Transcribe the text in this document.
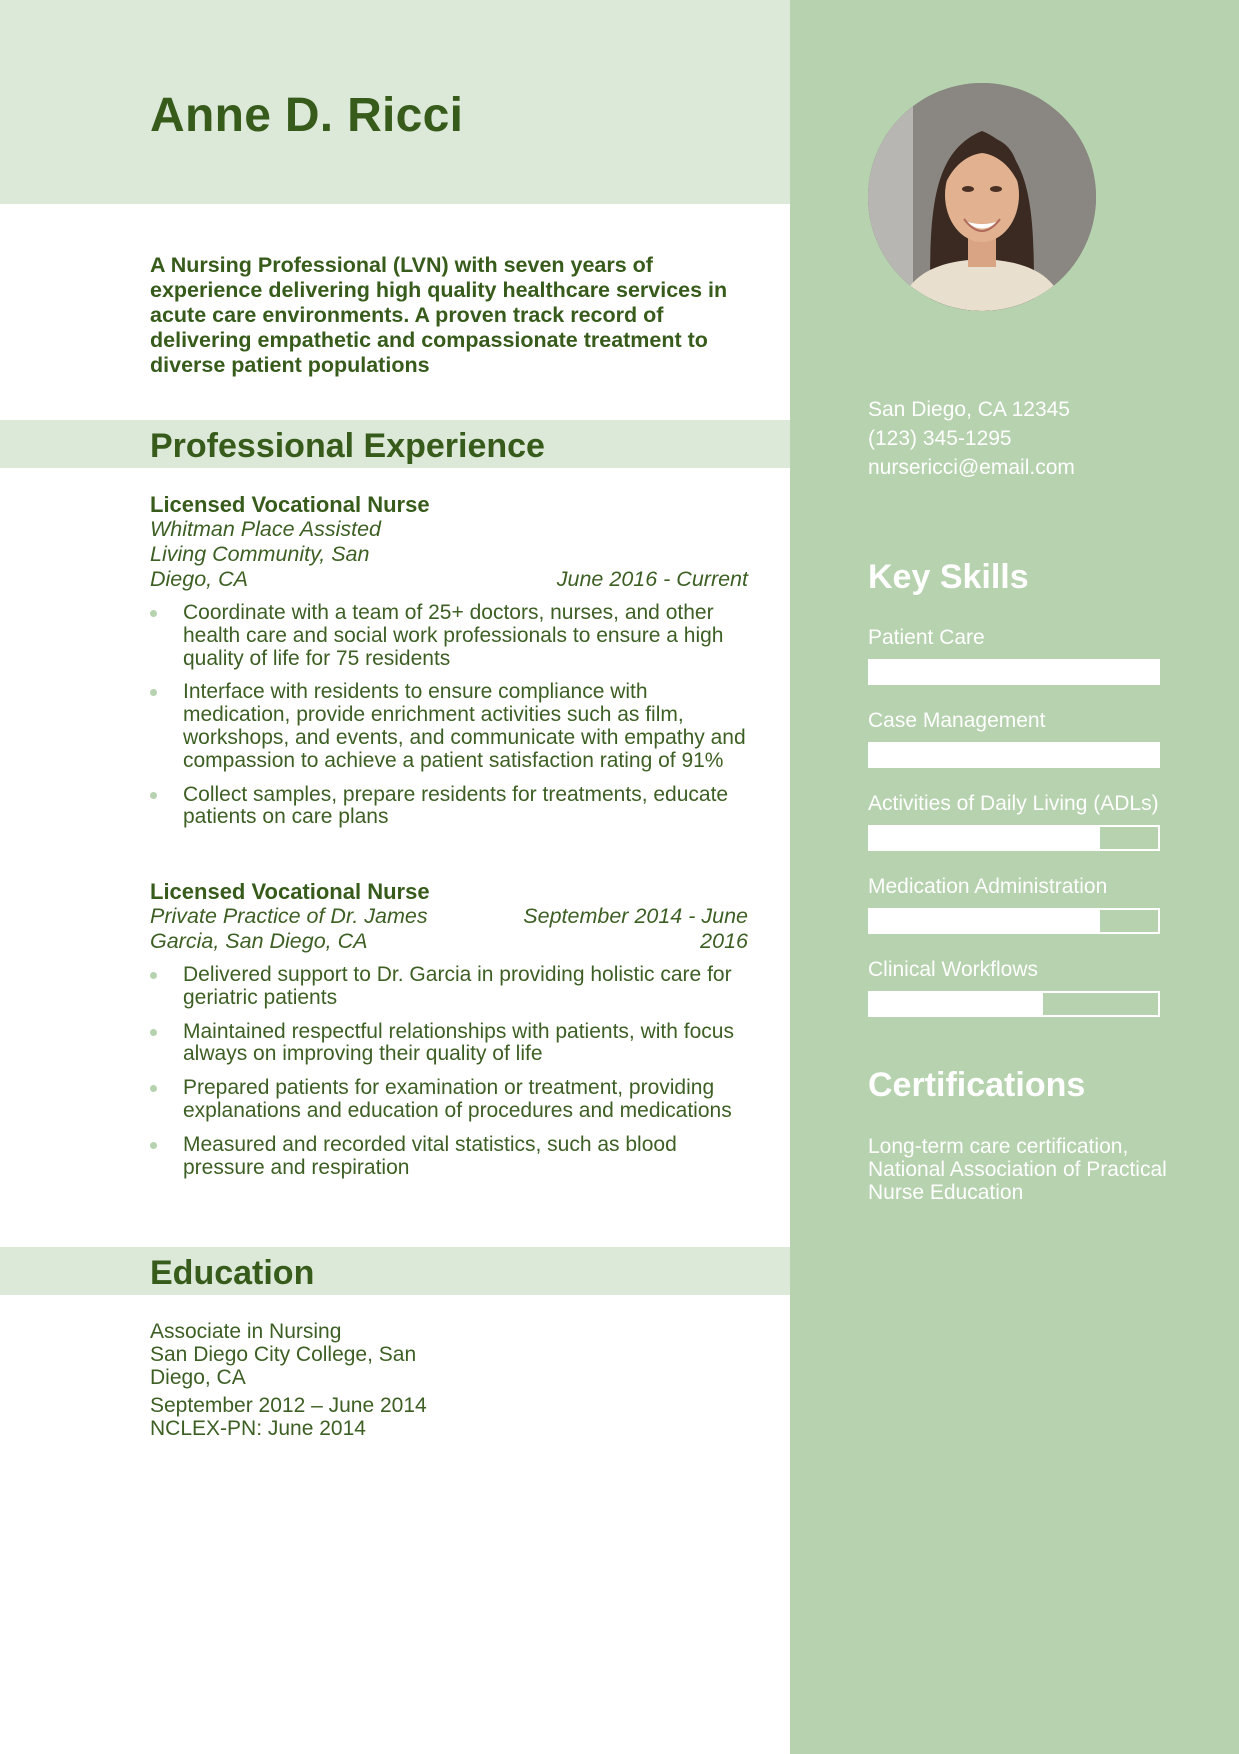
Anne D. Ricci

A Nursing Professional (LVN) with seven years of experience delivering high quality healthcare services in acute care environments. A proven track record of delivering empathetic and compassionate treatment to diverse patient populations

Professional Experience
Licensed Vocational Nurse
Whitman Place Assisted Living Community, San Diego, CA	June 2016 - Current
Coordinate with a team of 25+ doctors, nurses, and other health care and social work professionals to ensure a high quality of life for 75 residents
Interface with residents to ensure compliance with medication, provide enrichment activities such as film, workshops, and events, and communicate with empathy and compassion to achieve a patient satisfaction rating of 91%
Collect samples, prepare residents for treatments, educate patients on care plans
Licensed Vocational Nurse
Private Practice of Dr. James Garcia, San Diego, CA
September 2014 - June 2016
Delivered support to Dr. Garcia in providing holistic care for geriatric patients
Maintained respectful relationships with patients, with focus always on improving their quality of life
Prepared patients for examination or treatment, providing explanations and education of procedures and medications
Measured and recorded vital statistics, such as blood pressure and respiration
Education
Associate in Nursing
San Diego City College, San Diego, CA
September 2012 – June 2014
NCLEX-PN: June 2014
San Diego, CA 12345
(123) 345-1295
nursericci@email.com
Key Skills
Patient Care
Case Management
Activities of Daily Living (ADLs)
Medication Administration
Clinical Workflows
Certifications
Long-term care certification, National Association of Practical Nurse Education
